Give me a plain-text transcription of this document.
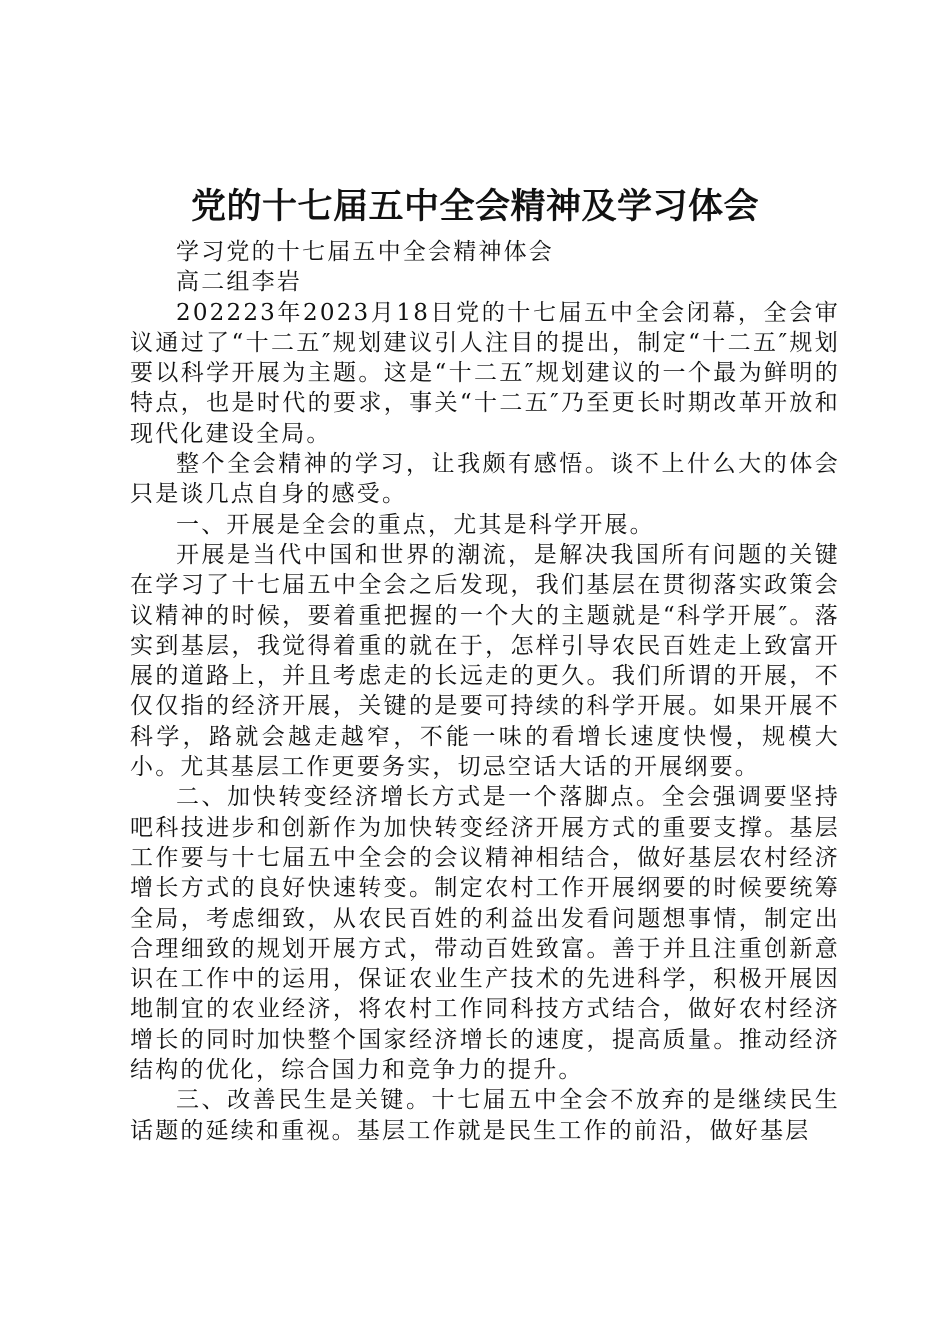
党的十七届五中全会精神及学习体会

学习党的十七届五中全会精神体会

高二组李岩

202223年2023月18日党的十七届五中全会闭幕，全会审议通过了“十二五″规划建议引人注目的提出，制定“十二五″规划要以科学开展为主题。这是“十二五″规划建议的一个最为鲜明的特点，也是时代的要求，事关“十二五″乃至更长时期改革开放和现代化建设全局。

整个全会精神的学习，让我颇有感悟。谈不上什么大的体会只是谈几点自身的感受。

一、开展是全会的重点，尤其是科学开展。

开展是当代中国和世界的潮流，是解决我国所有问题的关键在学习了十七届五中全会之后发现，我们基层在贯彻落实政策会议精神的时候，要着重把握的一个大的主题就是“科学开展″。落实到基层，我觉得着重的就在于，怎样引导农民百姓走上致富开展的道路上，并且考虑走的长远走的更久。我们所谓的开展，不仅仅指的经济开展，关键的是要可持续的科学开展。如果开展不科学，路就会越走越窄，不能一味的看增长速度快慢，规模大小。尤其基层工作更要务实，切忌空话大话的开展纲要。

二、加快转变经济增长方式是一个落脚点。全会强调要坚持吧科技进步和创新作为加快转变经济开展方式的重要支撑。基层工作要与十七届五中全会的会议精神相结合，做好基层农村经济增长方式的良好快速转变。制定农村工作开展纲要的时候要统筹全局，考虑细致，从农民百姓的利益出发看问题想事情，制定出合理细致的规划开展方式，带动百姓致富。善于并且注重创新意识在工作中的运用，保证农业生产技术的先进科学，积极开展因地制宜的农业经济，将农村工作同科技方式结合，做好农村经济增长的同时加快整个国家经济增长的速度，提高质量。推动经济结构的优化，综合国力和竞争力的提升。

三、改善民生是关键。十七届五中全会不放弃的是继续民生话题的延续和重视。基层工作就是民生工作的前沿，做好基层
